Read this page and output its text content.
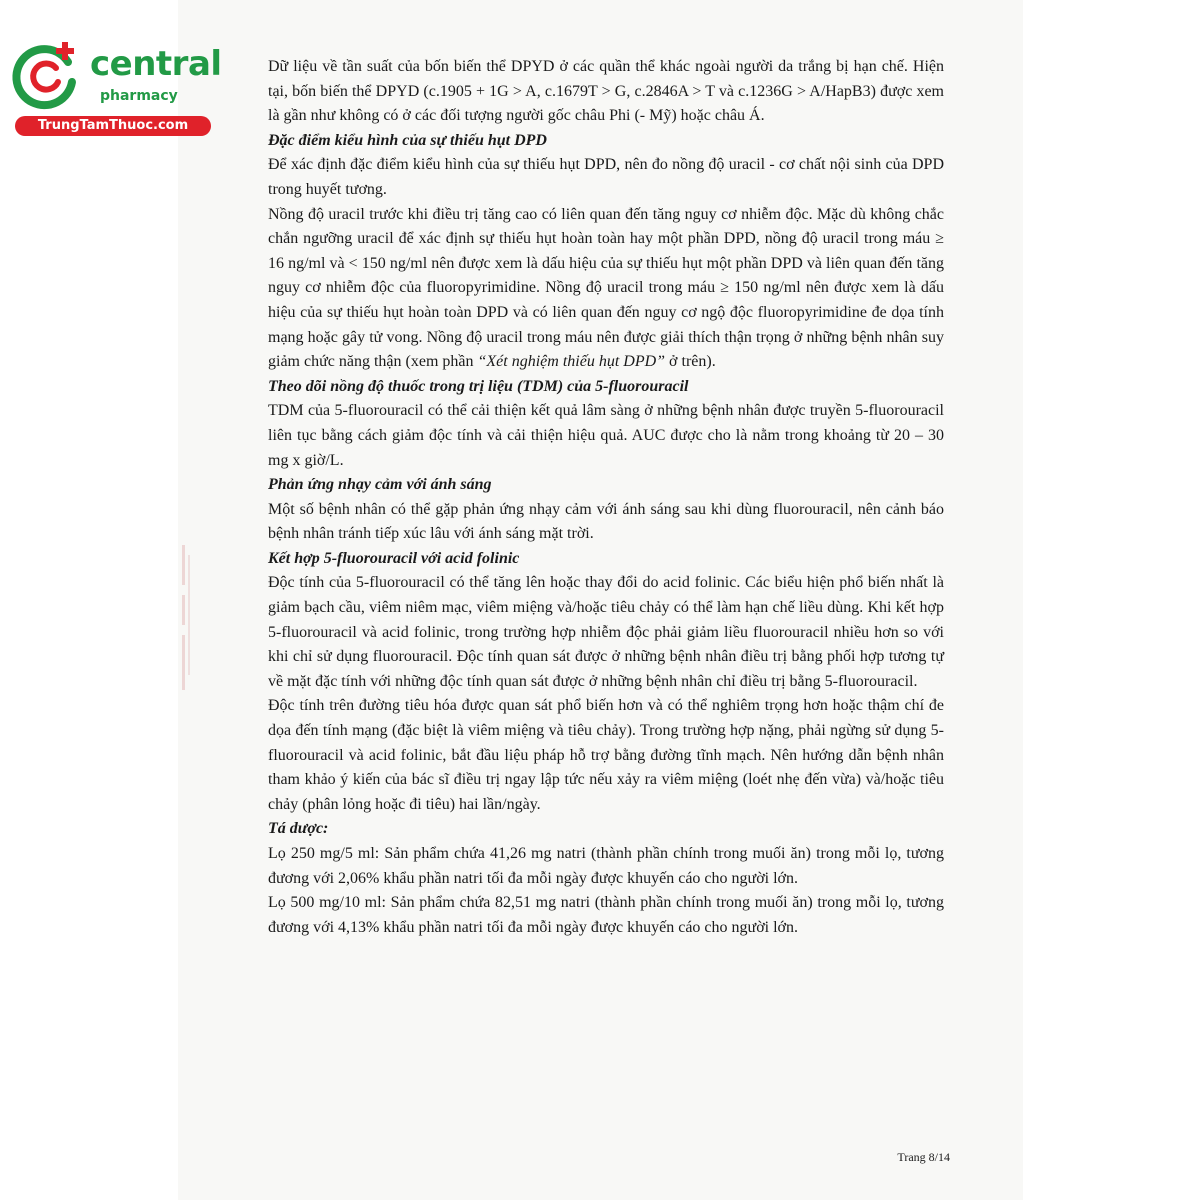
central
pharmacy
TrungTamThuoc.com

Dữ liệu về tần suất của bốn biến thể DPYD ở các quần thể khác ngoài người da trắng bị hạn chế. Hiện tại, bốn biến thể DPYD (c.1905 + 1G > A, c.1679T > G, c.2846A > T và c.1236G > A/HapB3) được xem là gần như không có ở các đối tượng người gốc châu Phi (- Mỹ) hoặc châu Á.

Đặc điểm kiểu hình của sự thiếu hụt DPD

Để xác định đặc điểm kiểu hình của sự thiếu hụt DPD, nên đo nồng độ uracil - cơ chất nội sinh của DPD trong huyết tương.

Nồng độ uracil trước khi điều trị tăng cao có liên quan đến tăng nguy cơ nhiễm độc. Mặc dù không chắc chắn ngưỡng uracil để xác định sự thiếu hụt hoàn toàn hay một phần DPD, nồng độ uracil trong máu ≥ 16 ng/ml và < 150 ng/ml nên được xem là dấu hiệu của sự thiếu hụt một phần DPD và liên quan đến tăng nguy cơ nhiễm độc của fluoropyrimidine. Nồng độ uracil trong máu ≥ 150 ng/ml nên được xem là dấu hiệu của sự thiếu hụt hoàn toàn DPD và có liên quan đến nguy cơ ngộ độc fluoropyrimidine đe dọa tính mạng hoặc gây tử vong. Nồng độ uracil trong máu nên được giải thích thận trọng ở những bệnh nhân suy giảm chức năng thận (xem phần “Xét nghiệm thiếu hụt DPD” ở trên).

Theo dõi nồng độ thuốc trong trị liệu (TDM) của 5-fluorouracil

TDM của 5-fluorouracil có thể cải thiện kết quả lâm sàng ở những bệnh nhân được truyền 5-fluorouracil liên tục bằng cách giảm độc tính và cải thiện hiệu quả. AUC được cho là nằm trong khoảng từ 20 – 30 mg x giờ/L.

Phản ứng nhạy cảm với ánh sáng

Một số bệnh nhân có thể gặp phản ứng nhạy cảm với ánh sáng sau khi dùng fluorouracil, nên cảnh báo bệnh nhân tránh tiếp xúc lâu với ánh sáng mặt trời.

Kết hợp 5-fluorouracil với acid folinic

Độc tính của 5-fluorouracil có thể tăng lên hoặc thay đổi do acid folinic. Các biểu hiện phổ biến nhất là giảm bạch cầu, viêm niêm mạc, viêm miệng và/hoặc tiêu chảy có thể làm hạn chế liều dùng. Khi kết hợp 5-fluorouracil và acid folinic, trong trường hợp nhiễm độc phải giảm liều fluorouracil nhiều hơn so với khi chỉ sử dụng fluorouracil. Độc tính quan sát được ở những bệnh nhân điều trị bằng phối hợp tương tự về mặt đặc tính với những độc tính quan sát được ở những bệnh nhân chỉ điều trị bằng 5-fluorouracil.

Độc tính trên đường tiêu hóa được quan sát phổ biến hơn và có thể nghiêm trọng hơn hoặc thậm chí đe dọa đến tính mạng (đặc biệt là viêm miệng và tiêu chảy). Trong trường hợp nặng, phải ngừng sử dụng 5- fluorouracil và acid folinic, bắt đầu liệu pháp hỗ trợ bằng đường tĩnh mạch. Nên hướng dẫn bệnh nhân tham khảo ý kiến của bác sĩ điều trị ngay lập tức nếu xảy ra viêm miệng (loét nhẹ đến vừa) và/hoặc tiêu chảy (phân lỏng hoặc đi tiêu) hai lần/ngày.

Tá dược:

Lọ 250 mg/5 ml: Sản phẩm chứa 41,26 mg natri (thành phần chính trong muối ăn) trong mỗi lọ, tương đương với 2,06% khẩu phần natri tối đa mỗi ngày được khuyến cáo cho người lớn.

Lọ 500 mg/10 ml: Sản phẩm chứa 82,51 mg natri (thành phần chính trong muối ăn) trong mỗi lọ, tương đương với 4,13% khẩu phần natri tối đa mỗi ngày được khuyến cáo cho người lớn.

Trang 8/14
